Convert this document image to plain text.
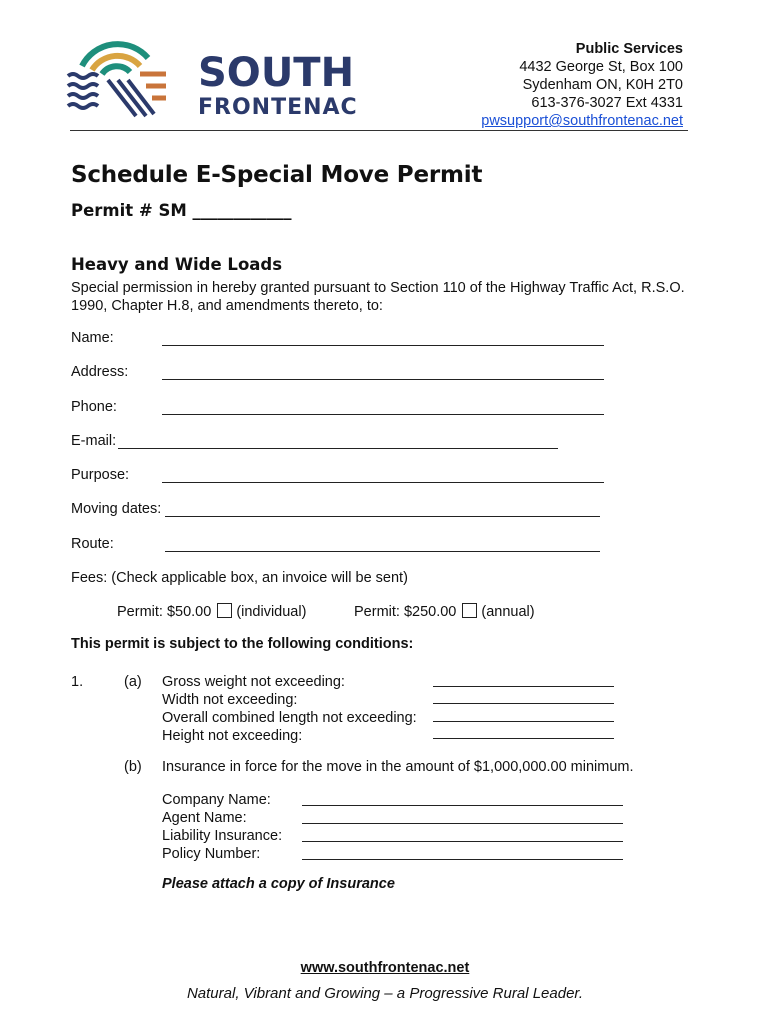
SOUTH
FRONTENAC
Public Services
4432 George St, Box 100
Sydenham ON, K0H 2T0
613-376-3027 Ext 4331
pwsupport@southfrontenac.net
Schedule E-Special Move Permit
Permit # SM ____________
Heavy and Wide Loads
Special permission in hereby granted pursuant to Section 110 of the Highway Traffic Act, R.S.O. 1990, Chapter H.8, and amendments thereto, to:
Name:
Address:
Phone:
E-mail:
Purpose:
Moving dates:
Route:
Fees: (Check applicable box, an invoice will be sent)
Permit: $50.00 (individual)	Permit: $250.00 (annual)
This permit is subject to the following conditions:
1.	(a) Gross weight not exceeding:
Width not exceeding:
Overall combined length not exceeding:
Height not exceeding:
(b) Insurance in force for the move in the amount of $1,000,000.00 minimum.
Company Name:
Agent Name:
Liability Insurance:
Policy Number:
Please attach a copy of Insurance
www.southfrontenac.net
Natural, Vibrant and Growing – a Progressive Rural Leader.
